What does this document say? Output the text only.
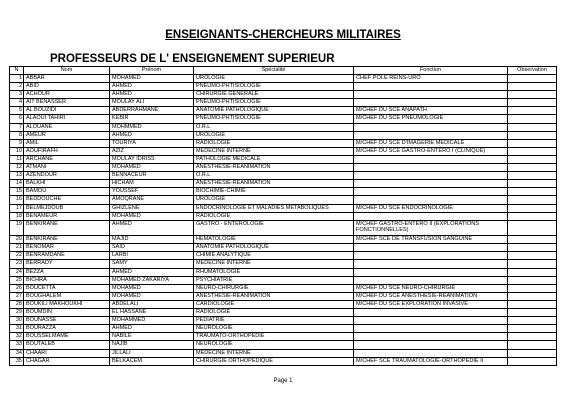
ENSEIGNANTS-CHERCHEURS MILITAIRES
PROFESSEURS DE L' ENSEIGNEMENT SUPERIEUR
N	Nom	Prénom	Spécialité	Fonction	Observation
1	ABBAR	MOHAMED	UROLOGIE	CHEF POLE REINS-URO	
2	ABID	AHMED	PNEUMO-PHTISIOLOGIE		
3	ACHOUR	AHMED	CHIRURGIE GENERALE		
4	AIT BENASSER	MOULAY ALI	PNEUMO-PHTISIOLOGIE		
5	AL BOUZIDI	ABDERRAHMANE	ANATOMIE PATHOLOGIQUE	M/CHEF DU SCE ANAPATH	
6	ALAOUI TAHIRI	KEBIR	PNEUMO-PHTISIOLOGIE	M/CHEF DU SCE PNEUMOLOGIE	
7	ALOUANE	MOHMMED	O.R.L		
8	AMEUR	AHMED	UROLOGIE		
9	AMIL	TOURIYA	RADIOLOGIE	M/CHEF DU SCE D'IMAGERIE MEDICALE	
10	AOUFIRAFH	AZIZ	MEDECINE INTERNE	M/CHEF DU SCE GASTRO-ENTERO I (CLINIQUE)	
11	ARCHANE	MOULAY IDRISS	PATHOLOGIE MEDICALE		
12	ATMANI	MOHAMED	ANESTHESIE-REANIMATION		
13	AZENDOUR	BENNACEUR	O.R.L		
14	BALKHI	HICHAM	ANESTHESIE-REANIMATION		
15	BAMOU	YOUSSEF	BIOCHIMIE-CHIMIE		
16	BEDDOUCHE	AMOQRANE	UROLOGIE		
17	BELMEJDOUB	GHIZLENE	ENDOCRINOLOGIE ET MALADIES METABOLIQUES	M/CHEF DU SCE ENDOCRINOLOGIE	
18	BENAMEUR	MOHAMED	RADIOLOGIE		
19	BENKIRANE	AHMED	GASTRO - ENTEROLOGIE	M/CHEF GASTRO-ENTERO II (EXPLORATIONS FONCTIONNELLES)	
20	BENKIRANE	MAJID	HEMATOLOGIE	M/CHEF SCE DE TRANSFUSION SANGUINE	
21	BENOMAR	SAID	ANATOMIE PATHOLOGIQUE		
22	BENRAMDANE	LARBI	CHIMIE ANALYTIQUE		
23	BERRADY	SAMY	MEDECINE INTERNE		
24	BEZZA	AHMED	RHUMATOLOGIE		
25	BICHRA	MOHAMED ZAKARIYA	PSYCHIATRIE		
26	BOUCETTA	MOHAMED	NEURO-CHIRURGIE	M/CHEF DU SCE NEURO-CHIRURGIE	
27	BOUGHALEM	MOHAMED	ANESTHESIE-REANIMATION	M/CHEF DU SCE ANESTHESIE-REANIMATION	
28	BOUKILI MAKHOUKHI	ABDELALI	CARDIOLOGIE	M/CHEF DU SCE EXPLORATION INVASIVE	
29	BOUMDIN	EL HASSANE	RADIOLOGIE		
30	BOUNASSE	MOHAMMED	PEDIATRIE		
31	BOURAZZA	AHMED	NEUROLOGIE		
32	BOUSSELMAME	NABILE	TRAUMATO-ORTHOPEDIE		
33	BOUTALEB	NAJIB	NEUROLOGIE		
34	CHAARI	JILLALI	MEDECINE INTERNE		
35	CHAGAR	BELKACEM	CHIRURGIE ORTHOPEDIQUE	M/CHEF SCE TRAUMATOLOGIE-ORTHOPEDIE II	
Page 1
